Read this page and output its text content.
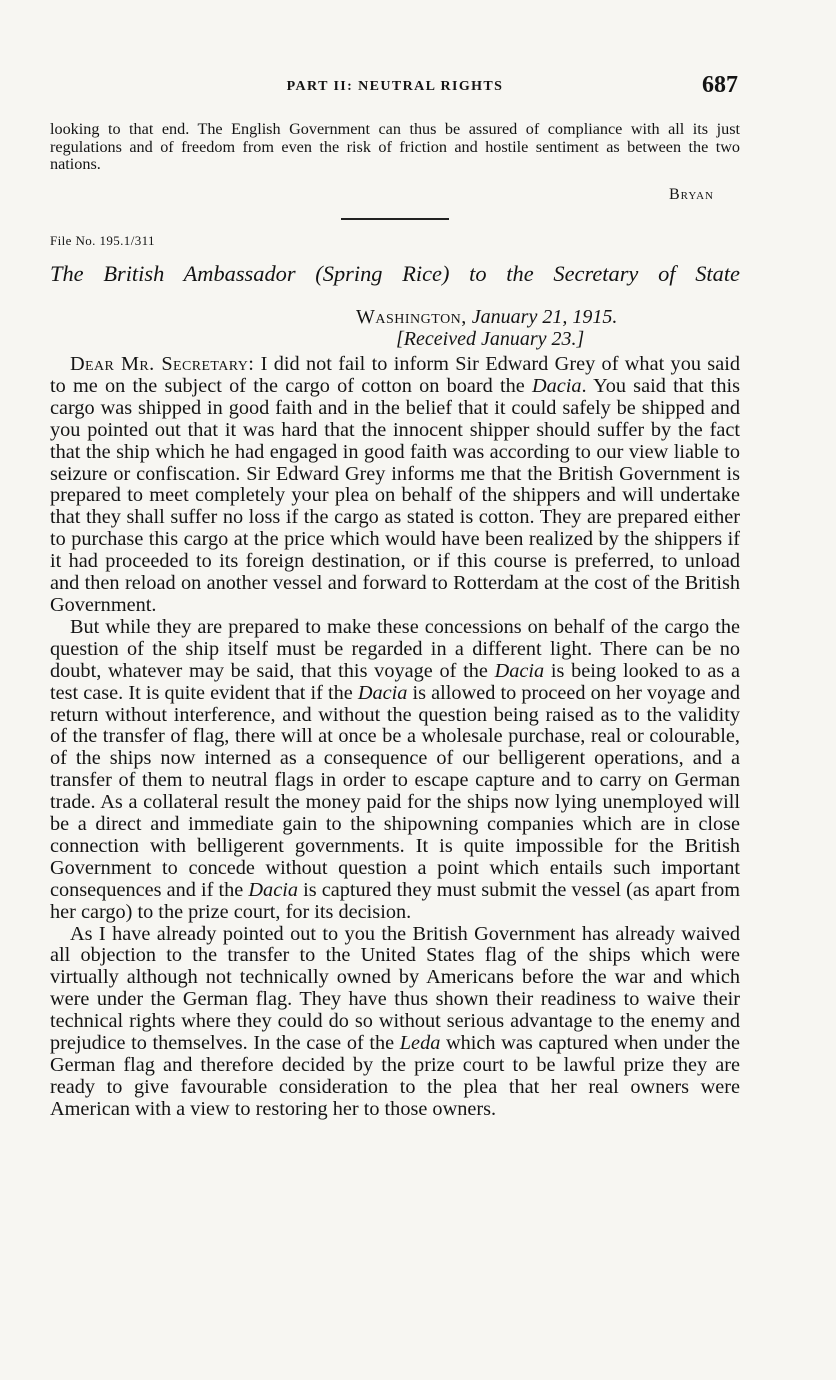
PART II: NEUTRAL RIGHTS	687

looking to that end. The English Government can thus be assured of compliance with all its just regulations and of freedom from even the risk of friction and hostile sentiment as between the two nations.

Bryan
File No. 195.1/311
The British Ambassador (Spring Rice) to the Secretary of State
Washington, January 21, 1915.
[Received January 23.]

Dear Mr. Secretary: I did not fail to inform Sir Edward Grey of what you said to me on the subject of the cargo of cotton on board the Dacia. You said that this cargo was shipped in good faith and in the belief that it could safely be shipped and you pointed out that it was hard that the innocent shipper should suffer by the fact that the ship which he had engaged in good faith was according to our view liable to seizure or confiscation. Sir Edward Grey informs me that the British Government is prepared to meet completely your plea on behalf of the shippers and will undertake that they shall suffer no loss if the cargo as stated is cotton. They are prepared either to purchase this cargo at the price which would have been realized by the shippers if it had proceeded to its foreign destination, or if this course is preferred, to unload and then reload on another vessel and forward to Rotterdam at the cost of the British Government.

But while they are prepared to make these concessions on behalf of the cargo the question of the ship itself must be regarded in a different light. There can be no doubt, whatever may be said, that this voyage of the Dacia is being looked to as a test case. It is quite evident that if the Dacia is allowed to proceed on her voyage and return without interference, and without the question being raised as to the validity of the transfer of flag, there will at once be a wholesale purchase, real or colourable, of the ships now interned as a consequence of our belligerent operations, and a transfer of them to neutral flags in order to escape capture and to carry on German trade. As a collateral result the money paid for the ships now lying unemployed will be a direct and immediate gain to the shipowning companies which are in close connection with belligerent governments. It is quite impossible for the British Government to concede without question a point which entails such important consequences and if the Dacia is captured they must submit the vessel (as apart from her cargo) to the prize court, for its decision.

As I have already pointed out to you the British Government has already waived all objection to the transfer to the United States flag of the ships which were virtually although not technically owned by Americans before the war and which were under the German flag. They have thus shown their readiness to waive their technical rights where they could do so without serious advantage to the enemy and prejudice to themselves. In the case of the Leda which was captured when under the German flag and therefore decided by the prize court to be lawful prize they are ready to give favourable consideration to the plea that her real owners were American with a view to restoring her to those owners.
